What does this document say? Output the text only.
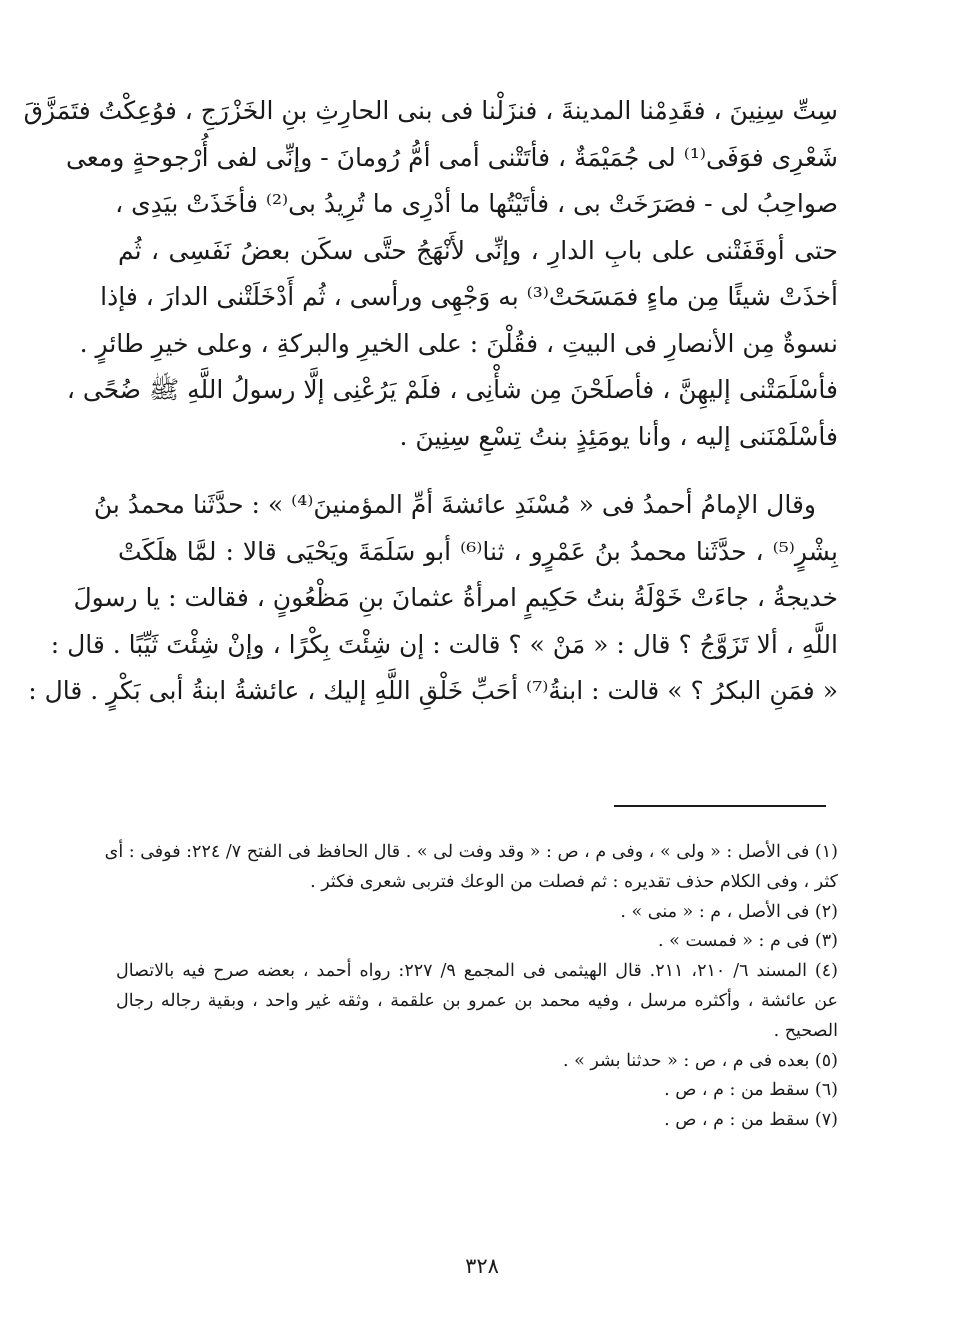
سِتِّ سِنِينَ ، فقَدِمْنا المدينةَ ، فنزَلْنا فى بنى الحارِثِ بنِ الخَزْرَجِ ، فوُعِكْتُ فتَمَزَّقَ
شَعْرِى فوَفَى⁽¹⁾ لى جُمَيْمَةٌ ، فأتَتْنى أمى أمُّ رُومانَ - وإنِّى لفى أُرْجوحةٍ ومعى
صواحِبُ لى - فصَرَخَتْ بى ، فأتَيْتُها ما أدْرِى ما تُرِيدُ بى⁽²⁾ فأخَذَتْ بيَدِى ،
حتى أوقَفَتْنى على بابِ الدارِ ، وإنِّى لأَنْهَجُ حتَّى سكَن بعضُ نَفَسِى ، ثُم
أخذَتْ شيئًا مِن ماءٍ فمَسَحَتْ⁽³⁾ به وَجْهِى ورأسى ، ثُم أَدْخَلَتْنى الدارَ ، فإذا
نسوةٌ مِن الأنصارِ فى البيتِ ، فقُلْنَ : على الخيرِ والبركةِ ، وعلى خيرِ طائرٍ .
فأسْلَمَتْنى إليهِنَّ ، فأصلَحْنَ مِن شأْنِى ، فلَمْ يَرُعْنِى إلَّا رسولُ اللَّهِ ﷺ ضُحًى ،
فأسْلَمْنَنى إليه ، وأنا يومَئِذٍ بنتُ تِسْعِ سِنِينَ .
وقال الإمامُ أحمدُ فى « مُسْنَدِ عائشةَ أمِّ المؤمنينَ⁽⁴⁾ » : حدَّثَنا محمدُ بنُ
بِشْرٍ⁽⁵⁾ ، حدَّثَنا محمدُ بنُ عَمْرٍو ، ثنا⁽⁶⁾ أبو سَلَمَةَ ويَحْيَى قالا : لمَّا هلَكَتْ
خديجةُ ، جاءَتْ خَوْلَةُ بنتُ حَكِيمٍ امرأةُ عثمانَ بنِ مَظْعُونٍ ، فقالت : يا رسولَ
اللَّهِ ، ألا تَزَوَّجُ ؟ قال : « مَنْ » ؟ قالت : إن شِئْتَ بِكْرًا ، وإنْ شِئْتَ ثَيِّبًا . قال :
« فمَنِ البكرُ ؟ » قالت : ابنةُ⁽⁷⁾ أحَبِّ خَلْقِ اللَّهِ إليك ، عائشةُ ابنةُ أبى بَكْرٍ . قال :
(١) فى الأصل : « ولى » ، وفى م ، ص : « وقد وفت لى » . قال الحافظ فى الفتح ٧/ ٢٢٤: فوفى : أى
كثر ، وفى الكلام حذف تقديره : ثم فصلت من الوعك فتربى شعرى فكثر .
(٢) فى الأصل ، م : « منى » .
(٣) فى م : « فمست » .
(٤) المسند ٦/ ٢١٠، ٢١١. قال الهيثمى فى المجمع ٩/ ٢٢٧: رواه أحمد ، بعضه صرح فيه بالاتصال
عن عائشة ، وأكثره مرسل ، وفيه محمد بن عمرو بن علقمة ، وثقه غير واحد ، وبقية رجاله رجال
الصحيح .
(٥) بعده فى م ، ص : « حدثنا بشر » .
(٦) سقط من : م ، ص .
(٧) سقط من : م ، ص .
٣٢٨
